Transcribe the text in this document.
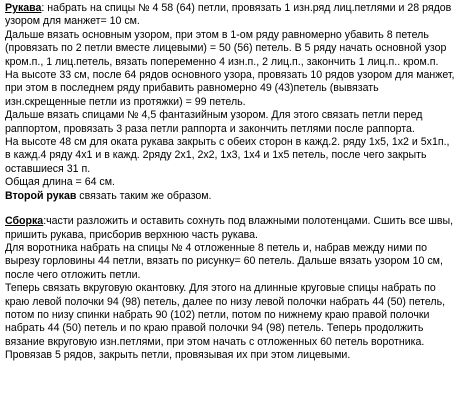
Рукава: набрать на спицы № 4 58 (64) петли, провязать 1 изн.ряд лиц.петлями и 28 рядов узором для манжет= 10 см.

Дальше вязать основным узором, при этом в 1-ом ряду равномерно убавить 8 петель (провязать по 2 петли вместе лицевыми) = 50 (56) петель. В 5 ряду начать основной узор кром.п., 1 лиц.петель, вязать попеременно 4 изн.п., 2 лиц.п., закончить 1 лиц.п.. кром.п.

На высоте 33 см, после 64 рядов основного узора, провязать 10 рядов узором для манжет, при этом в последнем ряду прибавить равномерно 49 (43)петель (вывязать изн.скрещенные петли из протяжки) = 99 петель.

Дальше вязать спицами № 4,5 фантазийным узором. Для этого связать петли перед раппортом, провязать 3 раза петли раппорта и закончить петлями после раппорта.

На высоте 48 см для оката рукава закрыть с обеих сторон в кажд.2. ряду 1х5, 1х2 и 5х1п., в кажд.4 ряду 4х1 и в кажд. 2ряду 2х1, 2х2, 1х3, 1х4 и 1х5 петель, после чего закрыть оставшиеся 31 п.

Общая длина = 64 см.

Второй рукав связать таким же образом.

Сборка:части разложить и оставить сохнуть под влажными полотенцами. Сшить все швы, пришить рукава, присборив верхнюю часть рукава.

Для воротника набрать на спицы № 4 отложенные 8 петель и, набрав между ними по вырезу горловины 44 петли, вязать по рисунку= 60 петель. Дальше вязать узором 10 см, после чего отложить петли.

Теперь связать вкруговую окантовку. Для этого на длинные круговые спицы набрать по краю левой полочки 94 (98) петель, далее по низу левой полочки набрать 44 (50) петель, потом по низу спинки набрать 90 (102) петли, потом по нижнему краю правой полочки набрать 44 (50) петель и по краю правой полочки 94 (98) петель. Теперь продолжить вязание вкруговую изн.петлями, при этом начать с отложенных 60 петель воротника. Провязав 5 рядов, закрыть петли, провязывая их при этом лицевыми.
